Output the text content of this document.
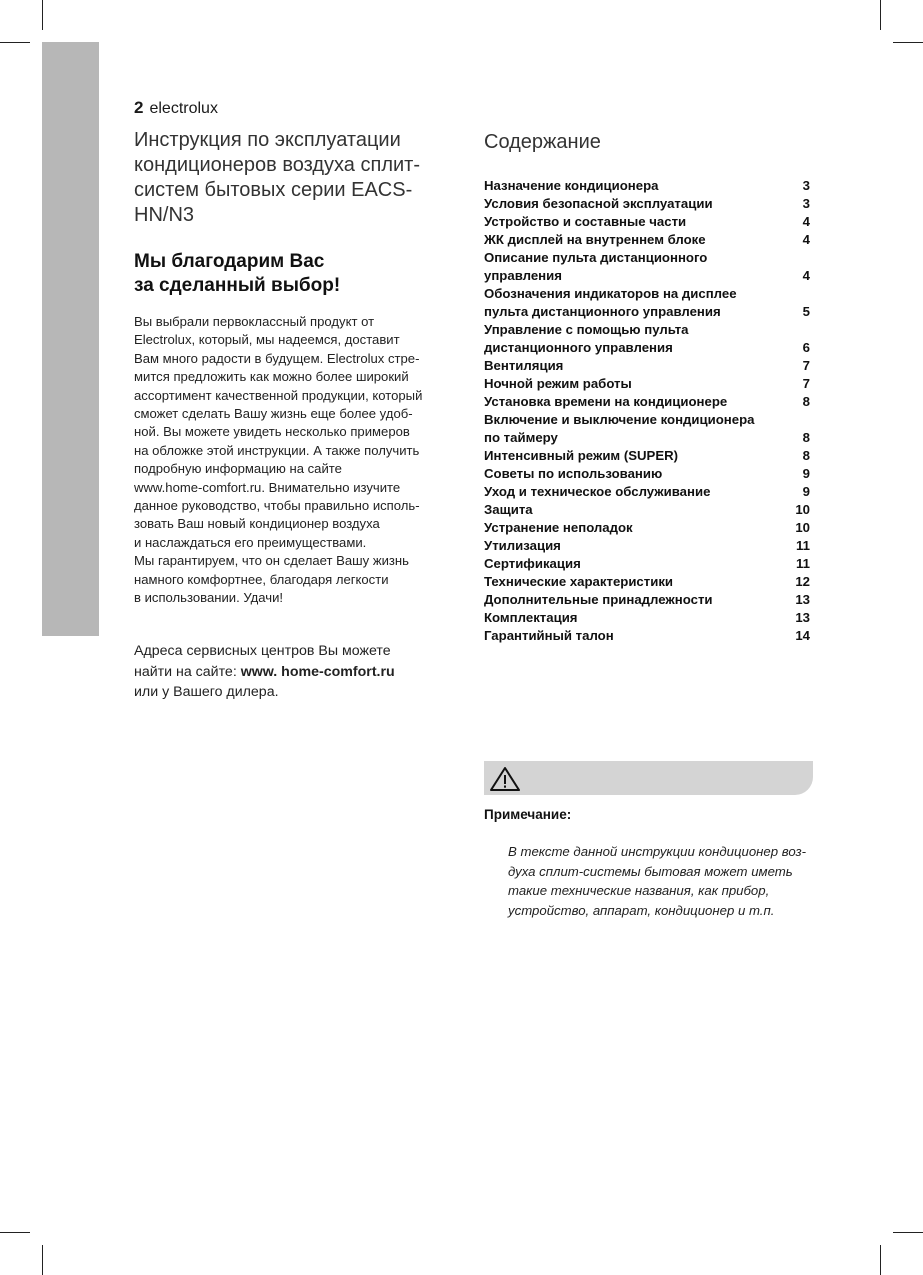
2 electrolux
Инструкция по эксплуатации кондиционеров воздуха сплит-систем бытовых серии EACS-HN/N3
Мы благодарим Вас
за сделанный выбор!

Вы выбрали первоклассный продукт от
Electrolux, который, мы надеемся, доставит
Вам много радости в будущем. Electrolux стре-
мится предложить как можно более широкий
ассортимент качественной продукции, который
сможет сделать Вашу жизнь еще более удоб-
ной. Вы можете увидеть несколько примеров
на обложке этой инструкции. А также получить
подробную информацию на сайте
www.home-comfort.ru. Внимательно изучите
данное руководство, чтобы правильно исполь-
зовать Ваш новый кондиционер воздуха
и наслаждаться его преимуществами.
Мы гарантируем, что он сделает Вашу жизнь
намного комфортнее, благодаря легкости
в использовании. Удачи!

Адреса сервисных центров Вы можете
найти на сайте: www. home-comfort.ru
или у Вашего дилера.

Содержание
Назначение кондиционера	3
Условия безопасной эксплуатации	3
Устройство и составные части	4
ЖК дисплей на внутреннем блоке	4
Описание пульта дистанционного
управления	4
Обозначения индикаторов на дисплее
пульта дистанционного управления	5
Управление с помощью пульта
дистанционного управления	6
Вентиляция	7
Ночной режим работы	7
Установка времени на кондиционере	8
Включение и выключение кондиционера
по таймеру	8
Интенсивный режим (SUPER)	8
Советы по использованию	9
Уход и техническое обслуживание	9
Защита	10
Устранение неполадок	10
Утилизация	11
Сертификация	11
Технические характеристики	12
Дополнительные принадлежности	13
Комплектация	13
Гарантийный талон	14

Примечание:

В тексте данной инструкции кондиционер воз-
духа сплит-системы бытовая может иметь
такие технические названия, как прибор,
устройство, аппарат, кондиционер и т.п.
